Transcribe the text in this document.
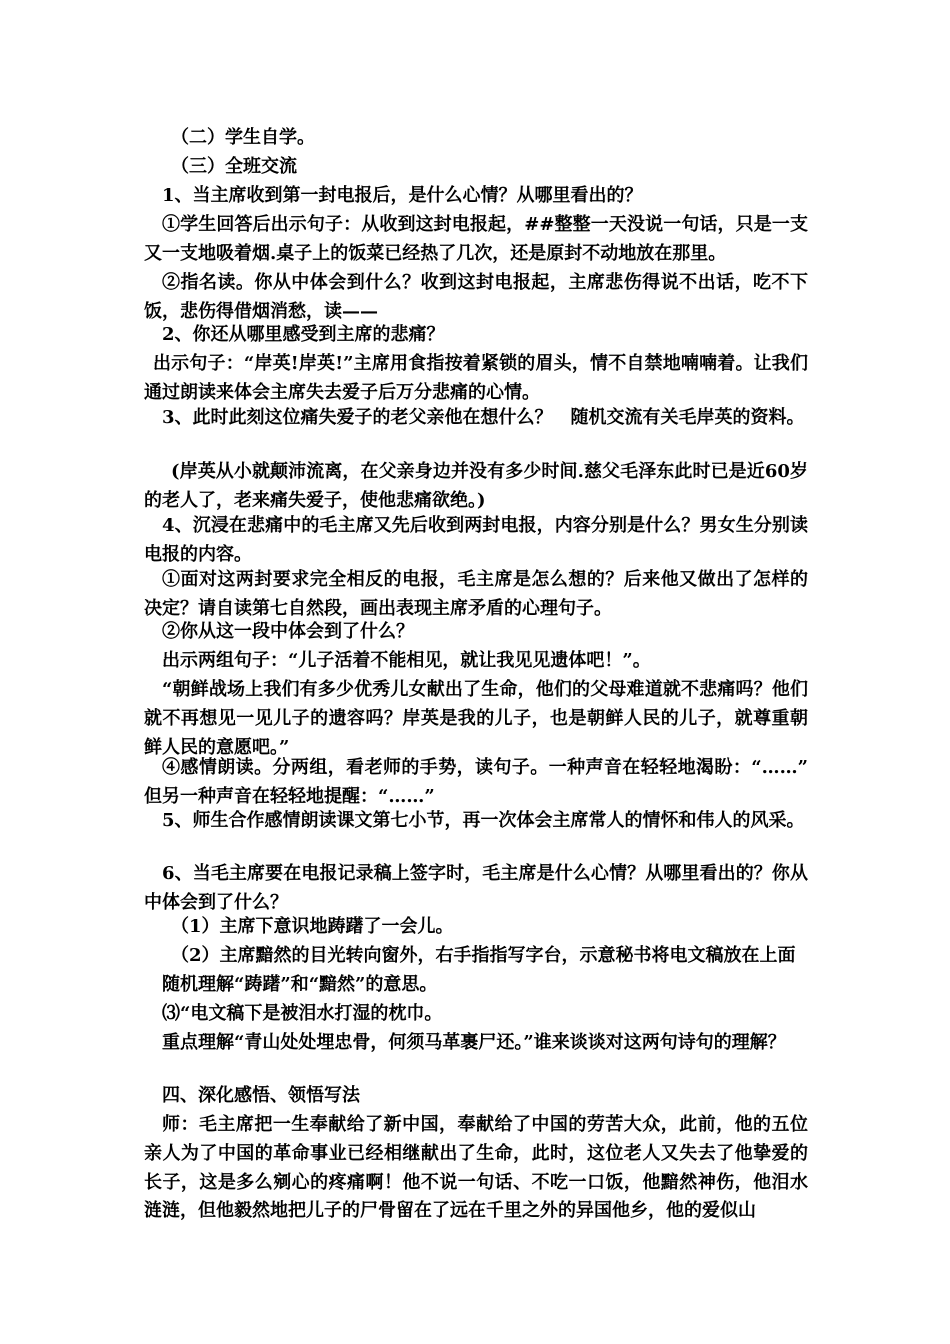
（二）学生自学。

（三）全班交流

1、当主席收到第一封电报后，是什么心情？从哪里看出的？

①学生回答后出示句子：从收到这封电报起，##整整一天没说一句话，只是一支又一支地吸着烟.桌子上的饭菜已经热了几次，还是原封不动地放在那里。

②指名读。你从中体会到什么？收到这封电报起，主席悲伤得说不出话，吃不下饭，悲伤得借烟消愁，读——

2、你还从哪里感受到主席的悲痛？

出示句子：“岸英!岸英!”主席用食指按着紧锁的眉头，情不自禁地喃喃着。让我们通过朗读来体会主席失去爱子后万分悲痛的心情。

3、此时此刻这位痛失爱子的老父亲他在想什么？　随机交流有关毛岸英的资料。

(岸英从小就颠沛流离，在父亲身边并没有多少时间.慈父毛泽东此时已是近60岁的老人了，老来痛失爱子，使他悲痛欲绝。)

4、沉浸在悲痛中的毛主席又先后收到两封电报，内容分别是什么？男女生分别读电报的内容。

①面对这两封要求完全相反的电报，毛主席是怎么想的？后来他又做出了怎样的决定？请自读第七自然段，画出表现主席矛盾的心理句子。

②你从这一段中体会到了什么？

出示两组句子：“儿子活着不能相见，就让我见见遗体吧！”。

“朝鲜战场上我们有多少优秀儿女献出了生命，他们的父母难道就不悲痛吗？他们就不再想见一见儿子的遗容吗？岸英是我的儿子，也是朝鲜人民的儿子，就尊重朝鲜人民的意愿吧。”

④感情朗读。分两组，看老师的手势，读句子。一种声音在轻轻地渴盼：“……”　　但另一种声音在轻轻地提醒：“……”

5、师生合作感情朗读课文第七小节，再一次体会主席常人的情怀和伟人的风采。

6、当毛主席要在电报记录稿上签字时，毛主席是什么心情？从哪里看出的？你从中体会到了什么？

（1）主席下意识地踌躇了一会儿。

（2）主席黯然的目光转向窗外，右手指指写字台，示意秘书将电文稿放在上面

随机理解“踌躇”和“黯然”的意思。

⑶“电文稿下是被泪水打湿的枕巾。

重点理解“青山处处埋忠骨，何须马革裹尸还。”谁来谈谈对这两句诗句的理解？

四、深化感悟、领悟写法

师：毛主席把一生奉献给了新中国，奉献给了中国的劳苦大众，此前，他的五位亲人为了中国的革命事业已经相继献出了生命，此时，这位老人又失去了他挚爱的长子，这是多么剜心的疼痛啊！他不说一句话、不吃一口饭，他黯然神伤，他泪水涟涟，但他毅然地把儿子的尸骨留在了远在千里之外的异国他乡，他的爱似山
